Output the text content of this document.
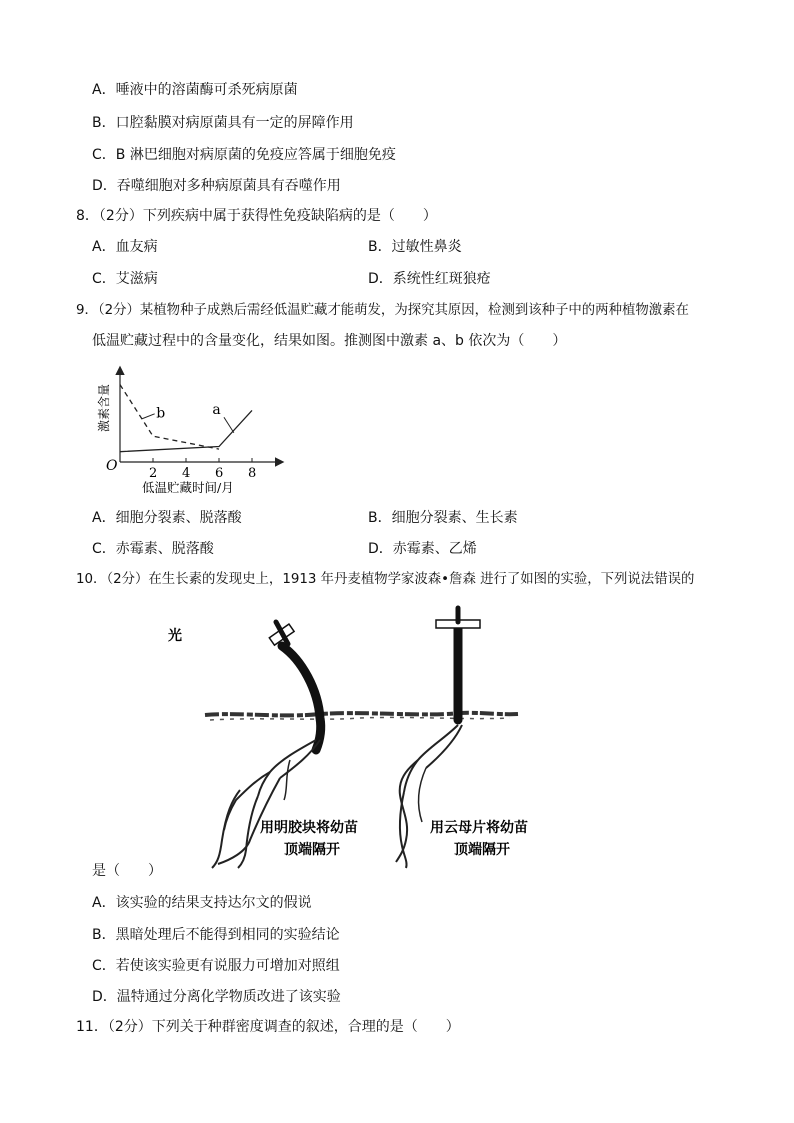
A．唾液中的溶菌酶可杀死病原菌
B．口腔黏膜对病原菌具有一定的屏障作用
C．B 淋巴细胞对病原菌的免疫应答属于细胞免疫
D．吞噬细胞对多种病原菌具有吞噬作用
8．（2分）下列疾病中属于获得性免疫缺陷病的是（　　）
A．血友病	B．过敏性鼻炎
C．艾滋病	D．系统性红斑狼疮
9．（2分）某植物种子成熟后需经低温贮藏才能萌发，为探究其原因，检测到该种子中的两种植物激素在
低温贮藏过程中的含量变化，结果如图。推测图中激素 a、b 依次为（　　）
2 4 6 8
a
b
O
激素含量
低温贮藏时间/月
A．细胞分裂素、脱落酸	B．细胞分裂素、生长素
C．赤霉素、脱落酸	D．赤霉素、乙烯
10．（2分）在生长素的发现史上，1913 年丹麦植物学家波森•詹森 进行了如图的实验，下列说法错误的
光
用明胶块将幼苗
顶端隔开
用云母片将幼苗
顶端隔开
是（　　）
A．该实验的结果支持达尔文的假说
B．黑暗处理后不能得到相同的实验结论
C．若使该实验更有说服力可增加对照组
D．温特通过分离化学物质改进了该实验
11．（2分）下列关于种群密度调查的叙述，合理的是（　　）
